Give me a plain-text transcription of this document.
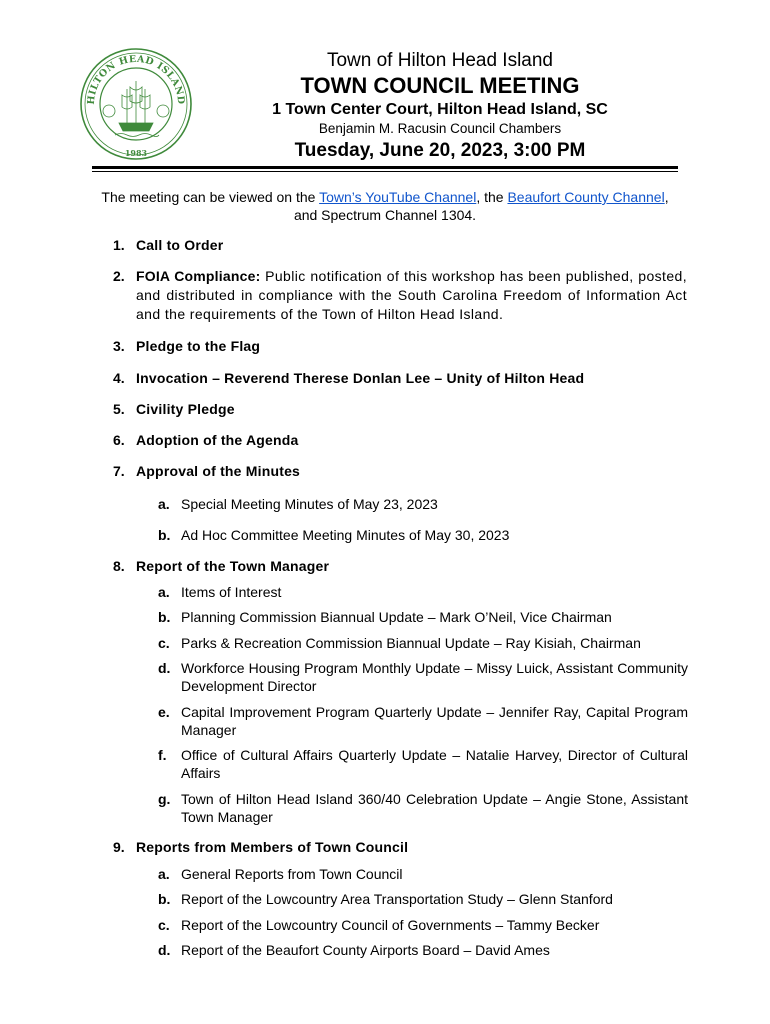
HILTON HEAD ISLAND
1983
Town of Hilton Head Island
TOWN COUNCIL MEETING
1 Town Center Court, Hilton Head Island, SC
Benjamin M. Racusin Council Chambers
Tuesday, June 20, 2023, 3:00 PM
The meeting can be viewed on the Town’s YouTube Channel, the Beaufort County Channel, and Spectrum Channel 1304.
1. Call to Order
2. FOIA Compliance: Public notification of this workshop has been published, posted, and distributed in compliance with the South Carolina Freedom of Information Act and the requirements of the Town of Hilton Head Island.
3. Pledge to the Flag
4. Invocation – Reverend Therese Donlan Lee – Unity of Hilton Head
5. Civility Pledge
6. Adoption of the Agenda
7. Approval of the Minutes
a. Special Meeting Minutes of May 23, 2023
b. Ad Hoc Committee Meeting Minutes of May 30, 2023
8. Report of the Town Manager
a. Items of Interest
b. Planning Commission Biannual Update – Mark O’Neil, Vice Chairman
c. Parks & Recreation Commission Biannual Update – Ray Kisiah, Chairman
d. Workforce Housing Program Monthly Update – Missy Luick, Assistant Community Development Director
e. Capital Improvement Program Quarterly Update – Jennifer Ray, Capital Program Manager
f. Office of Cultural Affairs Quarterly Update – Natalie Harvey, Director of Cultural Affairs
g. Town of Hilton Head Island 360/40 Celebration Update – Angie Stone, Assistant Town Manager
9. Reports from Members of Town Council
a. General Reports from Town Council
b. Report of the Lowcountry Area Transportation Study – Glenn Stanford
c. Report of the Lowcountry Council of Governments – Tammy Becker
d. Report of the Beaufort County Airports Board – David Ames
